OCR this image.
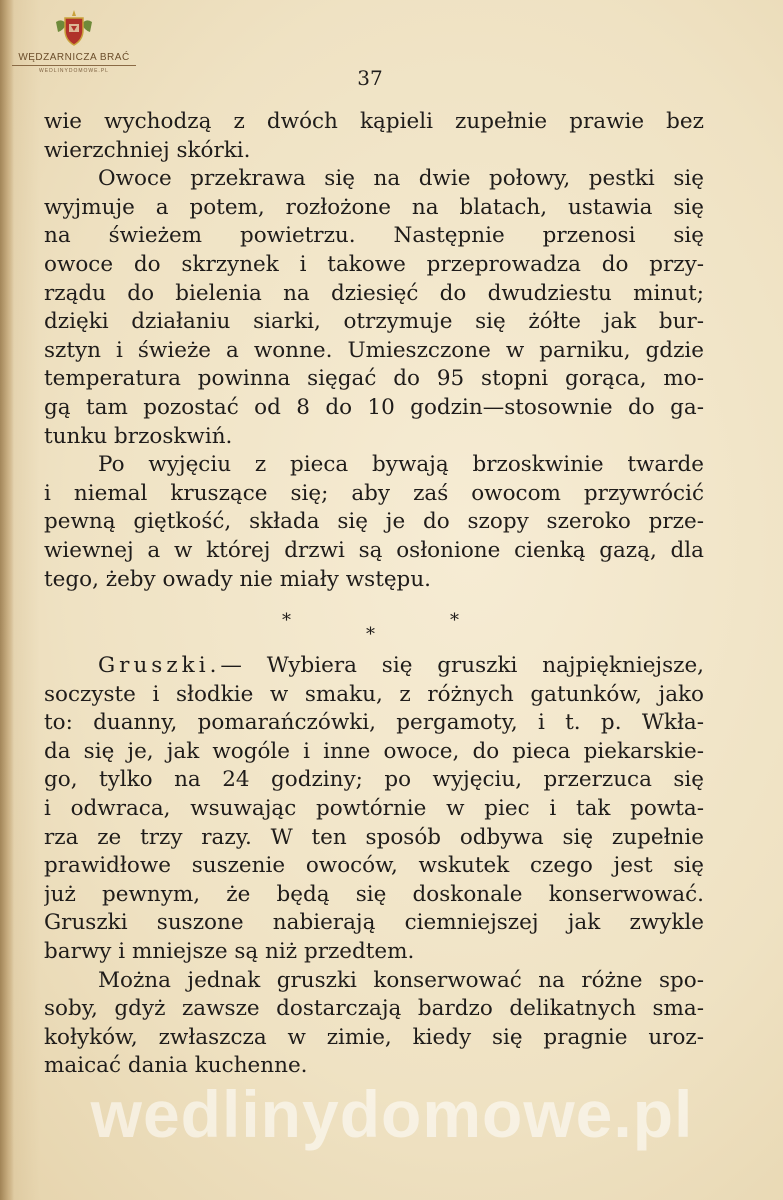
WĘDZARNICZA BRAĆ
WEDLINYDOMOWE.PL	37
wie wychodzą z dwóch kąpieli zupełnie prawie bez
wierzchniej skórki.
Owoce przekrawa się na dwie połowy, pestki się
wyjmuje a potem, rozłożone na blatach, ustawia się
na świeżem powietrzu. Następnie przenosi się
owoce do skrzynek i takowe przeprowadza do przy-
rządu do bielenia na dziesięć do dwudziestu minut;
dzięki działaniu siarki, otrzymuje się żółte jak bur-
sztyn i świeże a wonne. Umieszczone w parniku, gdzie
temperatura powinna sięgać do 95 stopni gorąca, mo-
gą tam pozostać od 8 do 10 godzin—stosownie do ga-
tunku brzoskwiń.
Po wyjęciu z pieca bywają brzoskwinie twarde
i niemal kruszące się; aby zaś owocom przywrócić
pewną giętkość, składa się je do szopy szeroko prze-
wiewnej a w której drzwi są osłonione cienką gazą, dla
tego, żeby owady nie miały wstępu.
*	*
*
Gruszki.— Wybiera się gruszki najpiękniejsze,
soczyste i słodkie w smaku, z różnych gatunków, jako
to: duanny, pomarańczówki, pergamoty, i t. p. Wkła-
da się je, jak wogóle i inne owoce, do pieca piekarskie-
go, tylko na 24 godziny; po wyjęciu, przerzuca się
i odwraca, wsuwając powtórnie w piec i tak powta-
rza ze trzy razy. W ten sposób odbywa się zupełnie
prawidłowe suszenie owoców, wskutek czego jest się
już pewnym, że będą się doskonale konserwować.
Gruszki suszone nabierają ciemniejszej jak zwykle
barwy i mniejsze są niż przedtem.
Można jednak gruszki konserwować na różne spo-
soby, gdyż zawsze dostarczają bardzo delikatnych sma-
kołyków, zwłaszcza w zimie, kiedy się pragnie uroz-
maicać dania kuchenne.
wedlinydomowe.pl
